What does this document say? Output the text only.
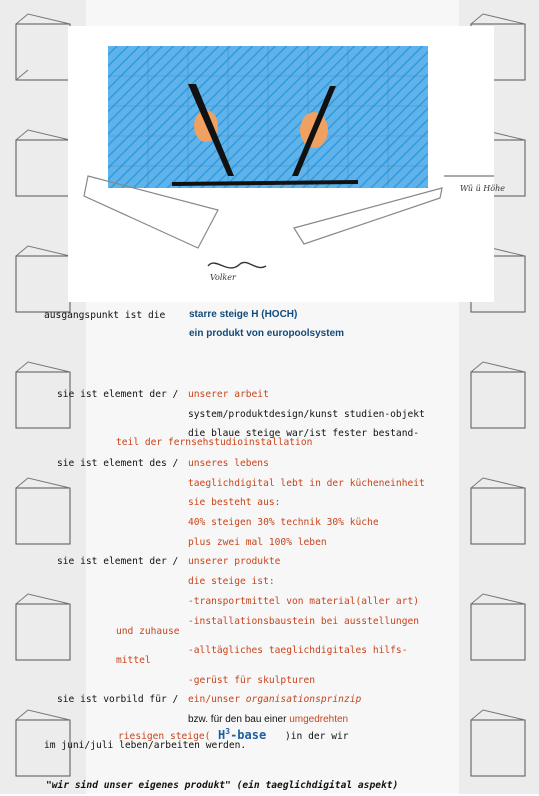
Wü ü Höhe
Volker
ausgangspunkt ist die starre steige H (HOCH)
ein produkt von europoolsystem
sie ist element der / unserer arbeit
system/produktdesign/kunst studien-objekt
die blaue steige war/ist fester bestand-
teil der fernsehstudioinstallation
sie ist element des / unseres lebens
taeglichdigital lebt in der kücheneinheit
sie besteht aus:
40% steigen 30% technik 30% küche
plus zwei mal 100% leben
sie ist element der / unserer produkte
die steige ist:
-transportmittel von material(aller art)
-installationsbaustein bei ausstellungen
und zuhause
-alltägliches taeglichdigitales hilfs-
mittel
-gerüst für skulpturen
sie ist vorbild für / ein/unser organisationsprinzip
bzw. für den bau einer umgedrehten
riesigen steige( $H^3$-base )in der wir
im juni/juli leben/arbeiten werden.
"wir sind unser eigenes produkt" (ein taeglichdigital aspekt)
